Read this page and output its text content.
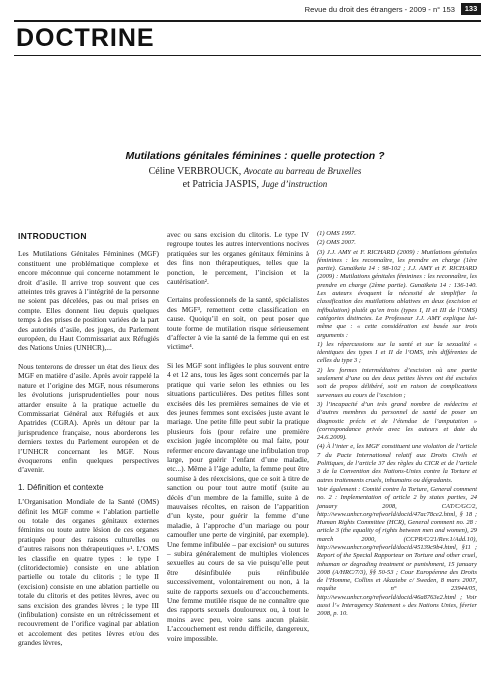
Revue du droit des étrangers - 2009 - n° 153	133
DOCTRINE
Mutilations génitales féminines : quelle protection ?
Céline VERBROUCK, Avocate au barreau de Bruxelles
et Patricia JASPIS, Juge d’instruction
INTRODUCTION

Les Mutilations Génitales Féminines (MGF) constituent une problématique complexe et encore méconnue qui concerne notamment le droit d’asile. Il arrive trop souvent que ces atteintes très graves à l’intégrité de la personne ne soient pas décelées, pas ou mal prises en compte. Elles donnent lieu depuis quelques temps à des prises de position variées de la part des autorités d’asile, des juges, du Parlement européen, du Haut Commissariat aux Réfugiés des Nations Unies (UNHCR),...

Nous tenterons de dresser un état des lieux des MGF en matière d’asile. Après avoir rappelé la nature et l’origine des MGF, nous résumerons les évolutions jurisprudentielles pour nous attarder ensuite à la pratique actuelle du Commissariat Général aux Réfugiés et aux Apatrides (CGRA). Après un détour par la jurisprudence française, nous aborderons les derniers textes du Parlement européen et de l’UNHCR concernant les MGF. Nous évoquerons enfin quelques perspectives d’avenir.

1. Définition et contexte

L’Organisation Mondiale de la Santé (OMS) définit les MGF comme « l’ablation partielle ou totale des organes génitaux externes féminins ou toute autre lésion de ces organes pratiquée pour des raisons culturelles ou d’autres raisons non thérapeutiques »¹. L’OMS les classifie en quatre types : le type I (clitoridectomie) consiste en une ablation partielle ou totale du clitoris ; le type II (excision) consiste en une ablation partielle ou totale du clitoris et des petites lèvres, avec ou sans excision des grandes lèvres ; le type III (infibulation) consiste en un rétrécissement et recouvrement de l’orifice vaginal par ablation et accolement des petites lèvres et/ou des grandes lèvres,

avec ou sans excision du clitoris. Le type IV regroupe toutes les autres interventions nocives pratiquées sur les organes génitaux féminins à des fins non thérapeutiques, telles que la ponction, le percement, l’incision et la cautérisation².

Certains professionnels de la santé, spécialistes des MGF³, remettent cette classification en cause. Quoiqu’il en soit, on peut poser que toute forme de mutilation risque sérieusement d’affecter à vie la santé de la femme qui en est victime⁴.

Si les MGF sont infligées le plus souvent entre 4 et 12 ans, tous les âges sont concernés par la pratique qui varie selon les ethnies ou les situations particulières. Des petites filles sont excisées dès les premières semaines de vie et des jeunes femmes sont excisées juste avant le mariage. Une petite fille peut subir la pratique plusieurs fois (pour refaire une première excision jugée incomplète ou mal faite, pour refermer encore davantage une infibulation trop large, pour guérir l’enfant d’une maladie, etc...). Même à l’âge adulte, la femme peut être soumise à des réexcisions, que ce soit à titre de sanction ou pour tout autre motif (suite au décès d’un membre de la famille, suite à de mauvaises récoltes, en raison de l’apparition d’un kyste, pour guérir la femme d’une maladie, à l’approche d’un mariage ou pour camoufler une perte de virginité, par exemple). Une femme infibulée – par excision⁵ ou sutures – subira généralement de multiples violences sexuelles au cours de sa vie puisqu’elle peut être désinfibulée puis réinfibulée successivement, volontairement ou non, à la suite de rapports sexuels ou d’accouchements. Une femme mutilée risque de ne connaître que des rapports sexuels douloureux ou, à tout le moins avec peu, voire sans aucun plaisir. L’accouchement est rendu difficile, dangereux, voire impossible.

(1) OMS 1997.

(2) OMS 2007.

(3) J.J. AMY et F. RICHARD (2009) : Mutilations génitales féminines : les reconnaître, les prendre en charge (1ère partie). Gunaïkeia 14 : 98-102 ; J.J. AMY et F. RICHARD (2009) : Mutilations génitales féminines : les reconnaître, les prendre en charge (2ème partie). Gunaïkeia 14 : 136-140. Les auteurs évoquent la nécessité de simplifier la classification des mutilations ablatives en deux (excision et infibulation) plutôt qu’en trois (types I, II et III de l’OMS) catégories distinctes. Le Professeur J.J. AMY explique lui-même que : « cette considération est basée sur trois arguments :

1) les répercussions sur la santé et sur la sexualité « identiques des types I et II de l’OMS, très différentes de celles du type 3 ;

2) les formes intermédiaires d’excision où une partie seulement d’une ou des deux petites lèvres ont été excisées soit de propos délibéré, soit en raison de complications survenues au cours de l’excision ;

3) l’incapacité d’un très grand nombre de médecins et d’autres membres du personnel de santé de poser un diagnostic précis et de l’étendue de l’amputation » (correspondance privée avec les auteurs et date du 24.6.2009).

(4) À l’inter e, les MGF constituent une violation de l’article 7 du Pacte International relatif aux Droits Civils et Politiques, de l’article 37 des règles du CICR et de l’article 3 de la Convention des Nations-Unies contre la Torture et autres traitements cruels, inhumains ou dégradants.

Voir également : Comité contre la Torture, General comment no. 2 : Implementation of article 2 by states parties, 24 january 2008, CAT/C/GC/2, http://www.unhcr.org/refworld/docid/47ac78ce2.html, § 18 ; Human Rights Committee (HCR), General comment no. 28 : article 3 (the equality of rights between men and women), 29 march 2000, (CCPR/C/21/Rev.1/Add.10), http://www.unhcr.org/refworld/docid/45139c9b4.html, §11 ; Report of the Special Rapporteur on Torture and other cruel, inhuman or degrading treatment or punishment, 15 january 2008 (A/HRC/7/3), §§ 50-53 ; Cour Européenne des Droits de l’Homme, Collins et Akaziebe c/ Sweden, 8 mars 2007, requête n° 23944/05, http://www.unhcr.org/refworld/docid/46a8763e2.html ; Voir aussi l’« Interagency Statement » des Nations Unies, février 2008, p. 10.
